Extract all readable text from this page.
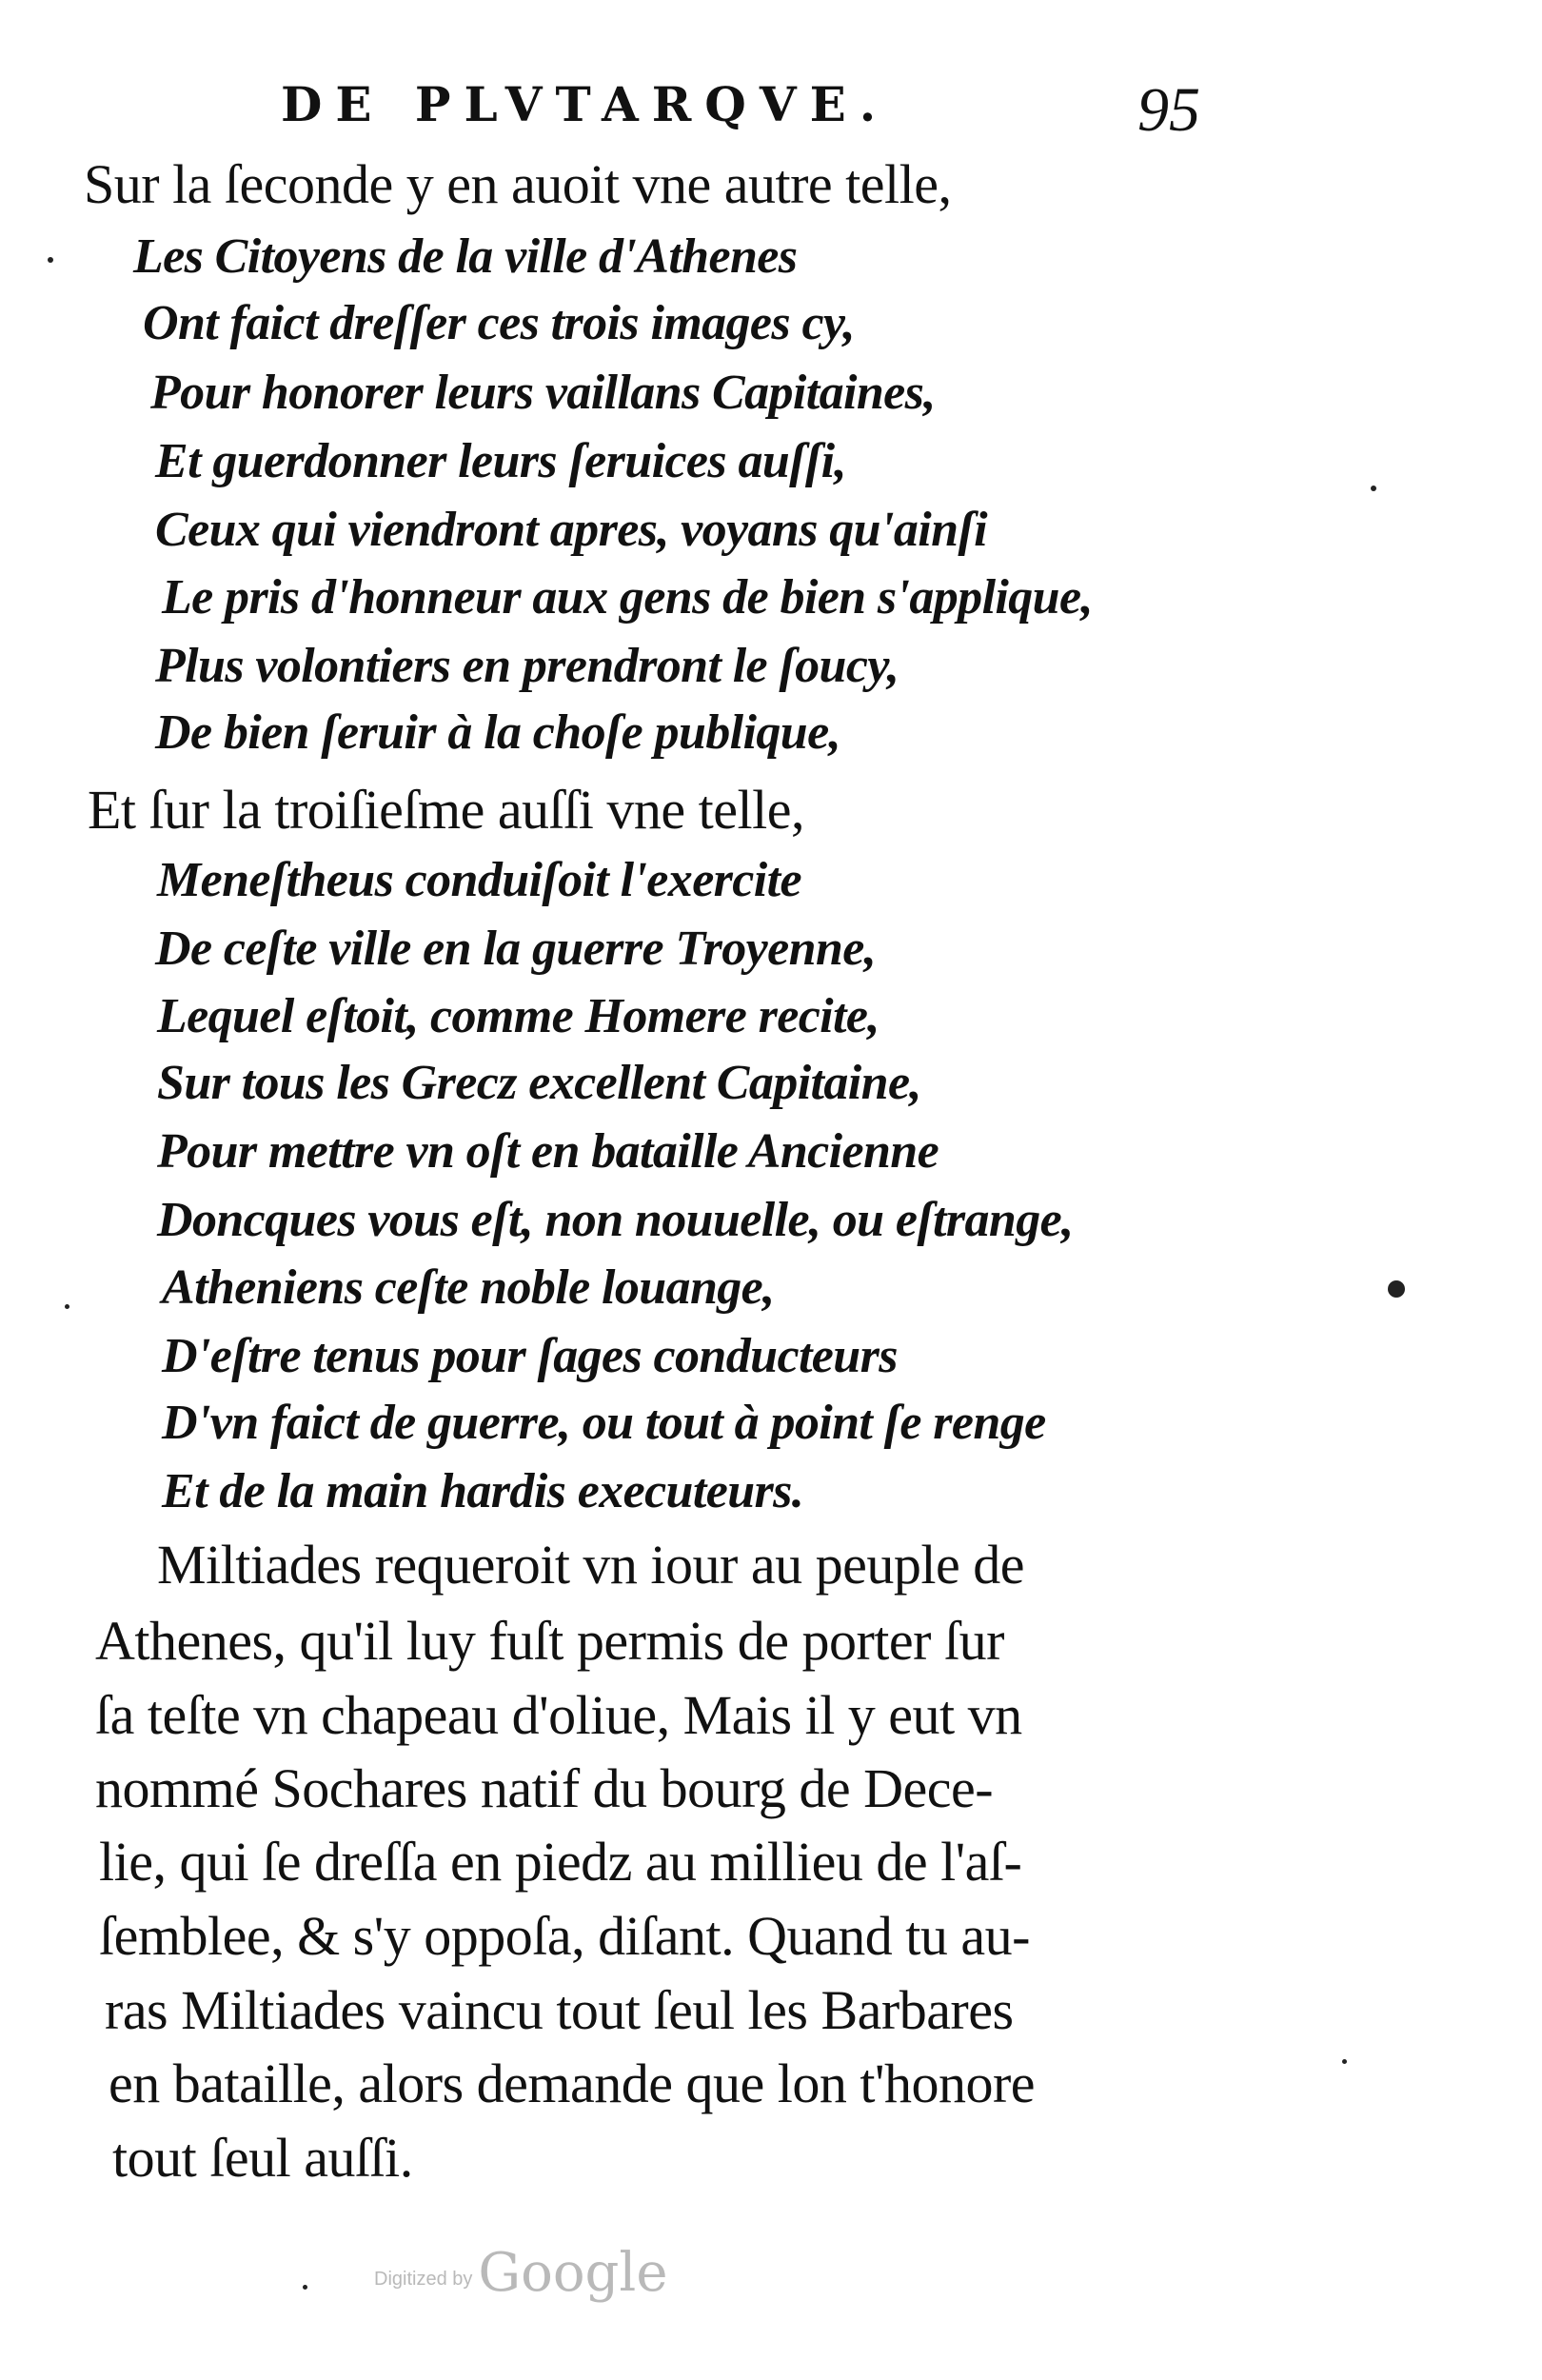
DE PLVTARQVE.	95
Sur la ſeconde y en auoit vne autre telle,
Les Citoyens de la ville d'Athenes
Ont faict dreſſer ces trois images cy,
Pour honorer leurs vaillans Capitaines,
Et guerdonner leurs ſeruices auſſi,
Ceux qui viendront apres, voyans qu'ainſi
Le pris d'honneur aux gens de bien s'applique,
Plus volontiers en prendront le ſoucy,
De bien ſeruir à la choſe publique,
Et ſur la troiſieſme auſſi vne telle,
Meneſtheus conduiſoit l'exercite
De ceſte ville en la guerre Troyenne,
Lequel eſtoit, comme Homere recite,
Sur tous les Grecz excellent Capitaine,
Pour mettre vn oſt en bataille Ancienne
Doncques vous eſt, non nouuelle, ou eſtrange,
Atheniens ceſte noble louange,
D'eſtre tenus pour ſages conducteurs
D'vn faict de guerre, ou tout à point ſe renge
Et de la main hardis executeurs.
Miltiades requeroit vn iour au peuple de
Athenes, qu'il luy fuſt permis de porter ſur
ſa teſte vn chapeau d'oliue, Mais il y eut vn
nommé Sochares natif du bourg de Dece-
lie, qui ſe dreſſa en piedz au millieu de l'aſ-
ſemblee, & s'y oppoſa, diſant. Quand tu au-
ras Miltiades vaincu tout ſeul les Barbares
en bataille, alors demande que lon t'honore
tout ſeul auſſi.
Digitized by Google
